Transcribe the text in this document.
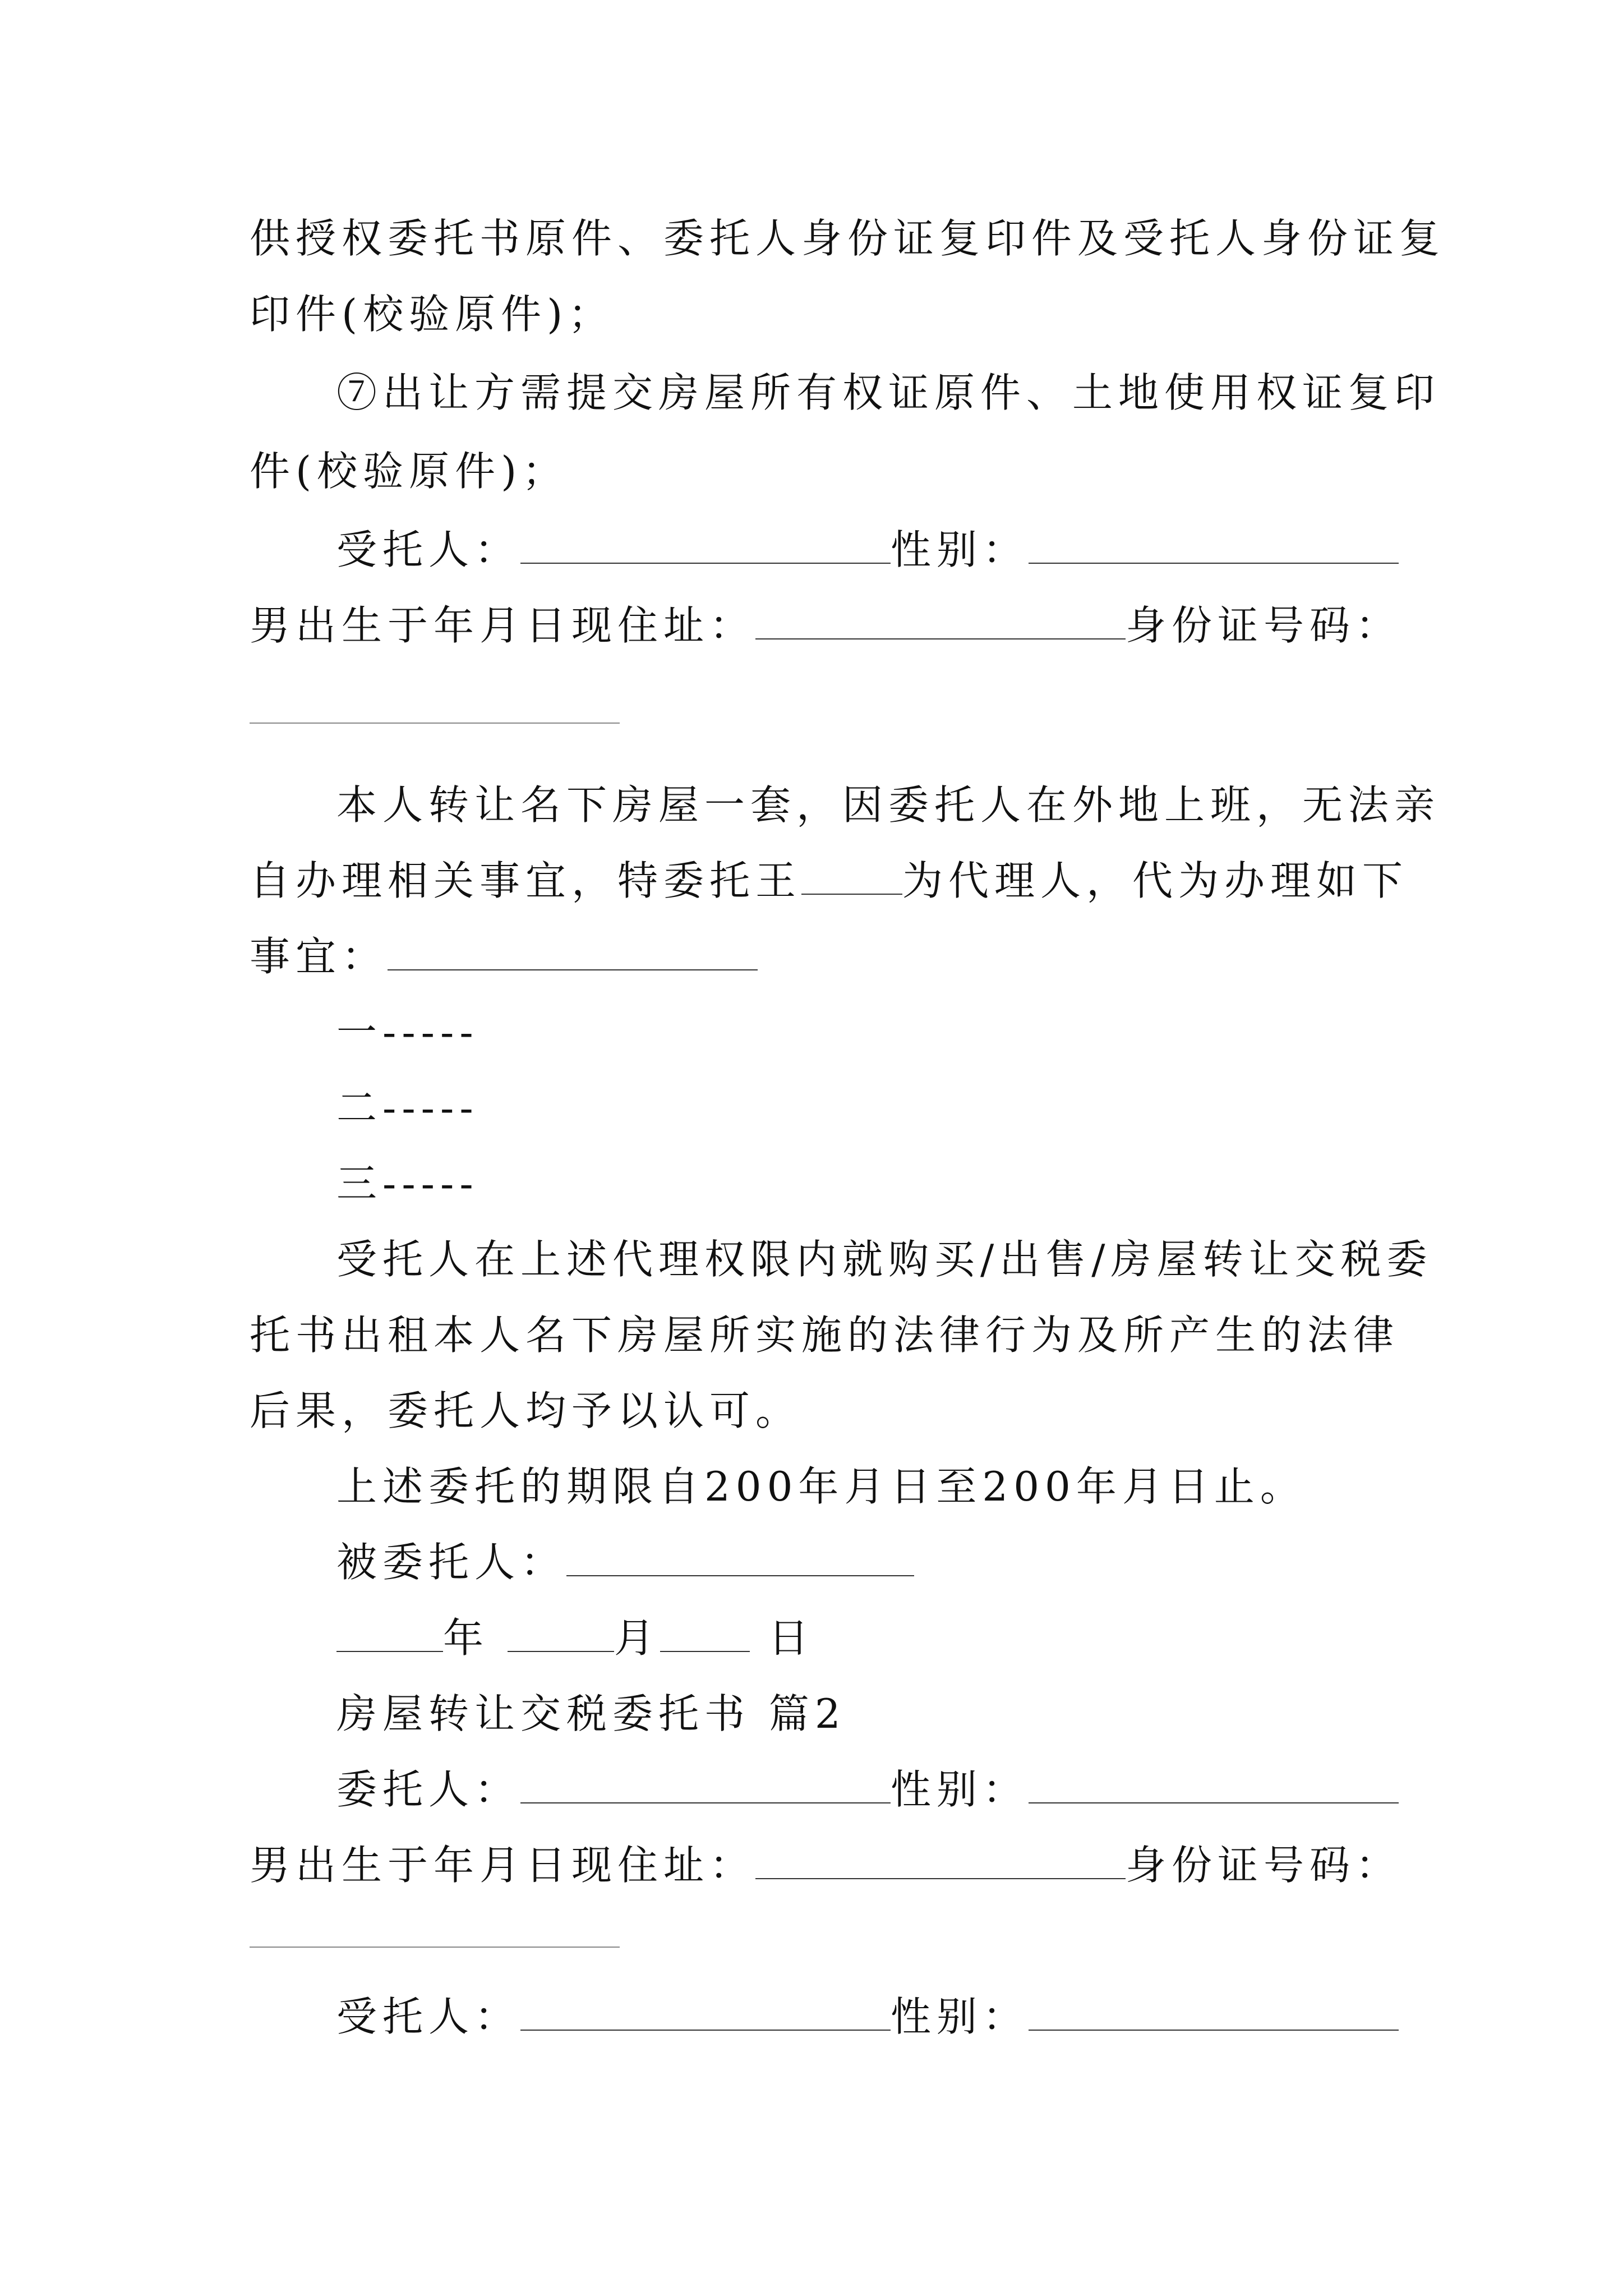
供授权委托书原件、委托人身份证复印件及受托人身份证复
印件(校验原件)；
⑦出让方需提交房屋所有权证原件、土地使用权证复印
件(校验原件)；
受托人：	性别：
男出生于年月日现住址：	身份证号码：
本人转让名下房屋一套，因委托人在外地上班，无法亲
自办理相关事宜，特委托王	为代理人，代为办理如下
事宜：
一-----
二-----
三-----
受托人在上述代理权限内就购买/出售/房屋转让交税委
托书出租本人名下房屋所实施的法律行为及所产生的法律
后果，委托人均予以认可。
上述委托的期限自200年月日至200年月日止。
被委托人：
年	月	日
房屋转让交税委托书 篇2
委托人：	性别：
男出生于年月日现住址：	身份证号码：
受托人：	性别：
